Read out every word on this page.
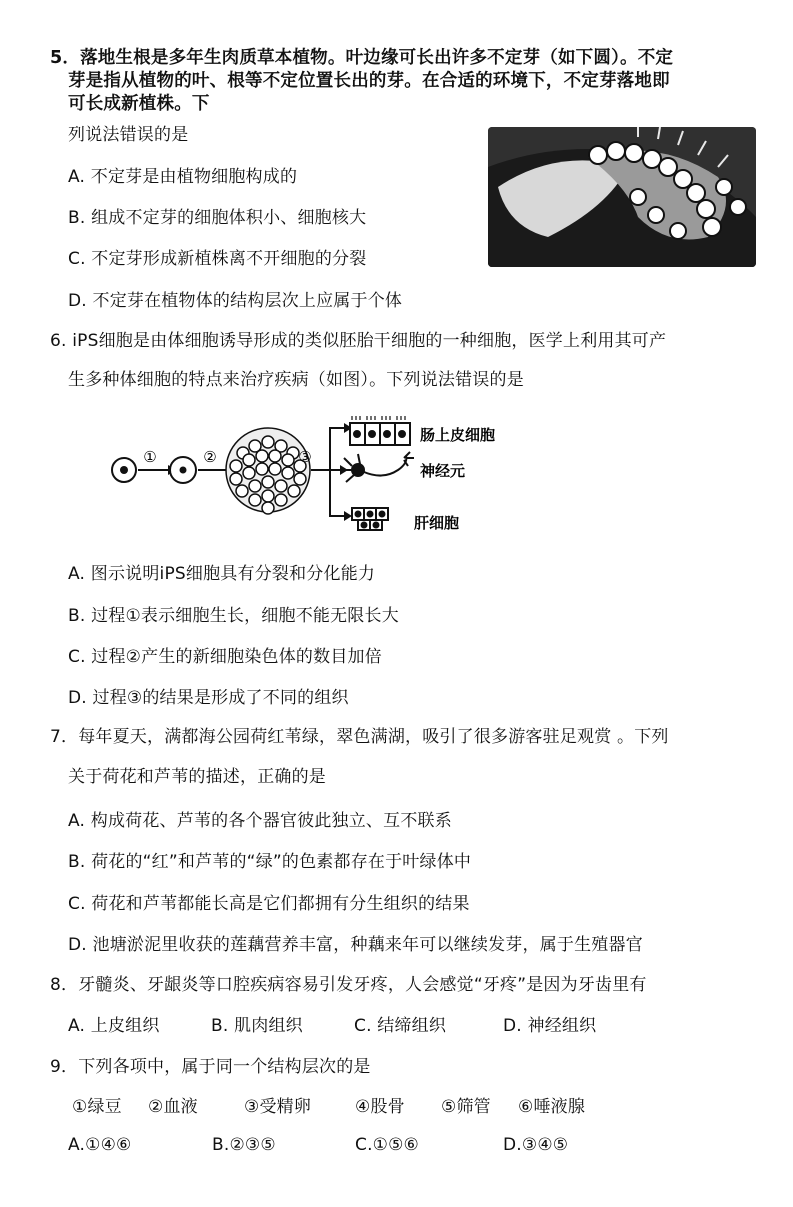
5．落地生根是多年生肉质草本植物。叶边缘可长出许多不定芽（如下圆）。不定
芽是指从植物的叶、根等不定位置长出的芽。在合适的环境下，不定芽落地即
可长成新植株。下
列说法错误的是
A. 不定芽是由植物细胞构成的
B. 组成不定芽的细胞体积小、细胞核大
C. 不定芽形成新植株离不开细胞的分裂
D. 不定芽在植物体的结构层次上应属于个体
6. iPS细胞是由体细胞诱导形成的类似胚胎干细胞的一种细胞，医学上利用其可产
生多种体细胞的特点来治疗疾病（如图）。下列说法错误的是
①	②	③
肠上皮细胞
神经元
肝细胞
A. 图示说明iPS细胞具有分裂和分化能力
B. 过程①表示细胞生长，细胞不能无限长大
C. 过程②产生的新细胞染色体的数目加倍
D. 过程③的结果是形成了不同的组织
7．每年夏天，满都海公园荷红苇绿，翠色满湖，吸引了很多游客驻足观赏 。下列
关于荷花和芦苇的描述，正确的是
A. 构成荷花、芦苇的各个器官彼此独立、互不联系
B. 荷花的“红”和芦苇的“绿”的色素都存在于叶绿体中
C. 荷花和芦苇都能长高是它们都拥有分生组织的结果
D. 池塘淤泥里收获的莲藕营养丰富，种藕来年可以继续发芽，属于生殖器官
8．牙髓炎、牙龈炎等口腔疾病容易引发牙疼，人会感觉“牙疼”是因为牙齿里有
A. 上皮组织	B. 肌肉组织	C. 结缔组织	D. 神经组织
9．下列各项中，属于同一个结构层次的是
①绿豆 ②血液	③受精卵	④股骨 ⑤筛管 ⑥唾液腺
A.①④⑥	B.②③⑤	C.①⑤⑥	D.③④⑤
